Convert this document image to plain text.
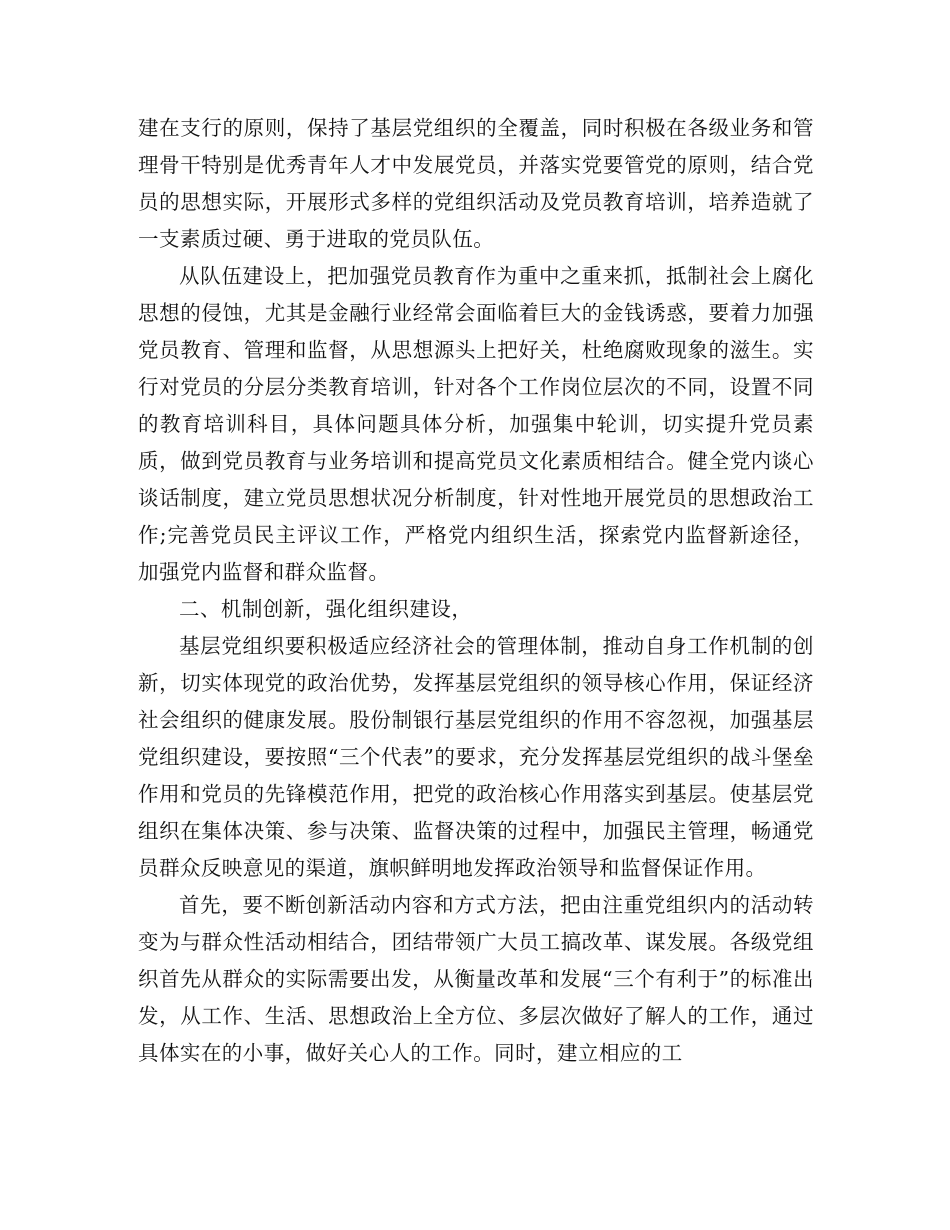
建在支行的原则，保持了基层党组织的全覆盖，同时积极在各级业务和管理骨干特别是优秀青年人才中发展党员，并落实党要管党的原则，结合党员的思想实际，开展形式多样的党组织活动及党员教育培训，培养造就了一支素质过硬、勇于进取的党员队伍。

从队伍建设上，把加强党员教育作为重中之重来抓，抵制社会上腐化思想的侵蚀，尤其是金融行业经常会面临着巨大的金钱诱惑，要着力加强党员教育、管理和监督，从思想源头上把好关，杜绝腐败现象的滋生。实行对党员的分层分类教育培训，针对各个工作岗位层次的不同，设置不同的教育培训科目，具体问题具体分析，加强集中轮训，切实提升党员素质，做到党员教育与业务培训和提高党员文化素质相结合。健全党内谈心谈话制度，建立党员思想状况分析制度，针对性地开展党员的思想政治工作;完善党员民主评议工作，严格党内组织生活，探索党内监督新途径，加强党内监督和群众监督。

二、机制创新，强化组织建设，

基层党组织要积极适应经济社会的管理体制，推动自身工作机制的创新，切实体现党的政治优势，发挥基层党组织的领导核心作用，保证经济社会组织的健康发展。股份制银行基层党组织的作用不容忽视，加强基层党组织建设，要按照“三个代表”的要求，充分发挥基层党组织的战斗堡垒作用和党员的先锋模范作用，把党的政治核心作用落实到基层。使基层党组织在集体决策、参与决策、监督决策的过程中，加强民主管理，畅通党员群众反映意见的渠道，旗帜鲜明地发挥政治领导和监督保证作用。

首先，要不断创新活动内容和方式方法，把由注重党组织内的活动转变为与群众性活动相结合，团结带领广大员工搞改革、谋发展。各级党组织首先从群众的实际需要出发，从衡量改革和发展“三个有利于”的标准出发，从工作、生活、思想政治上全方位、多层次做好了解人的工作，通过具体实在的小事，做好关心人的工作。同时，建立相应的工
